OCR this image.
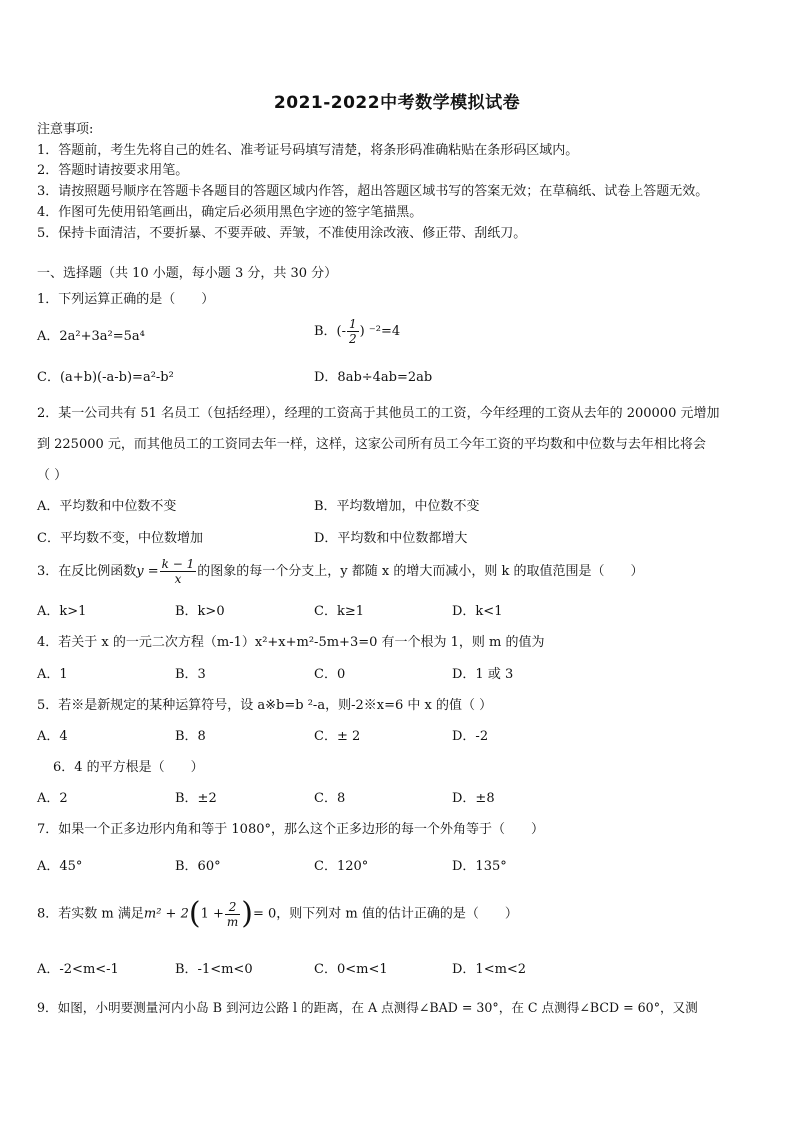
2021-2022中考数学模拟试卷
注意事项:
1．答题前，考生先将自己的姓名、准考证号码填写清楚，将条形码准确粘贴在条形码区域内。
2．答题时请按要求用笔。
3．请按照题号顺序在答题卡各题目的答题区域内作答，超出答题区域书写的答案无效；在草稿纸、试卷上答题无效。
4．作图可先使用铅笔画出，确定后必须用黑色字迹的签字笔描黑。
5．保持卡面清洁，不要折暴、不要弄破、弄皱，不准使用涂改液、修正带、刮纸刀。
一、选择题（共 10 小题，每小题 3 分，共 30 分）
1．下列运算正确的是（　　）
A．2a²+3a²=5a⁴	B．(- $\frac{1}{2}$ ) ⁻²=4
C．(a+b)(-a-b)=a²-b²	D．8ab÷4ab=2ab
2．某一公司共有 51 名员工（包括经理），经理的工资高于其他员工的工资，今年经理的工资从去年的 200000 元增加
到 225000 元，而其他员工的工资同去年一样，这样，这家公司所有员工今年工资的平均数和中位数与去年相比将会
（ ）
A．平均数和中位数不变	B．平均数增加，中位数不变
C．平均数不变，中位数增加	D．平均数和中位数都增大
3．在反比例函数$y = \frac{k - 1}{x}$ 的图象的每一个分支上，y 都随 x 的增大而减小，则 k 的取值范围是（　　）
A．k>1	B．k>0	C．k≥1	D．k<1
4．若关于 x 的一元二次方程（m-1）x²+x+m²-5m+3=0 有一个根为 1，则 m 的值为
A．1	B．3	C．0	D．1 或 3
5．若※是新规定的某种运算符号，设 a※b=b ²-a，则-2※x=6 中 x 的值（ ）
A．4	B．8	C．± 2	D．-2
6．4 的平方根是（　　）
A．2	B．±2	C．8	D．±8
7．如果一个正多边形内角和等于 1080°，那么这个正多边形的每一个外角等于（　　）
A．45°	B．60°	C．120°	D．135°
8．若实数 m 满足$m^2 + 2(1 + \frac{2}{m}$ )= 0，则下列对 m 值的估计正确的是（　　）
A．-2<m<-1	B．-1<m<0	C．0<m<1	D．1<m<2
9．如图，小明要测量河内小岛 B 到河边公路 l 的距离，在 A 点测得∠BAD = 30°，在 C 点测得∠BCD = 60°，又测
